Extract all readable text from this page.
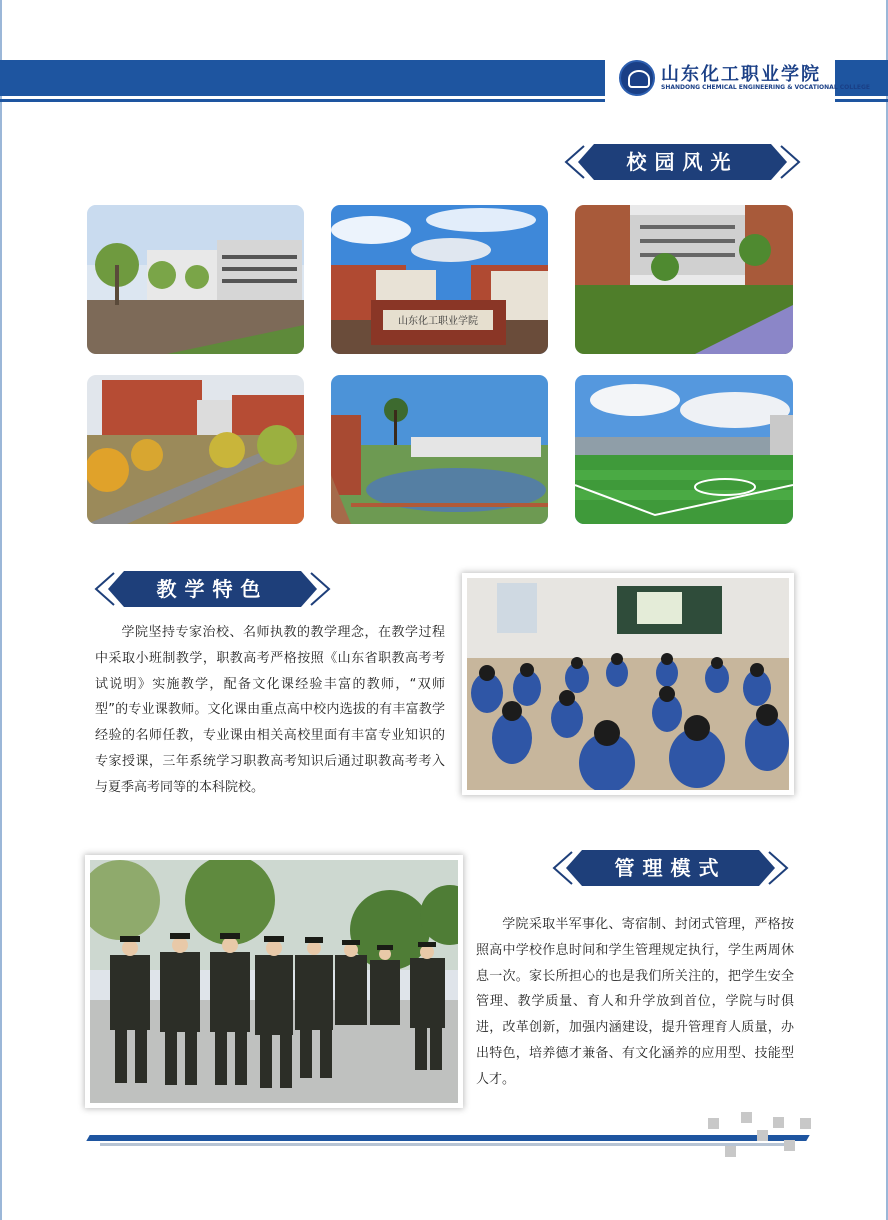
山东化工职业学院
SHANDONG CHEMICAL ENGINEERING & VOCATIONAL COLLEGE
校园风光
山东化工职业学院
教学特色
学院坚持专家治校、名师执教的教学理念，在教学过程中采取小班制教学，职教高考严格按照《山东省职教高考考试说明》实施教学，配备文化课经验丰富的教师，“双师型”的专业课教师。文化课由重点高中校内选拔的有丰富教学经验的名师任教，专业课由相关高校里面有丰富专业知识的专家授课，三年系统学习职教高考知识后通过职教高考考入与夏季高考同等的本科院校。
管理模式
学院采取半军事化、寄宿制、封闭式管理，严格按照高中学校作息时间和学生管理规定执行，学生两周休息一次。家长所担心的也是我们所关注的，把学生安全管理、教学质量、育人和升学放到首位，学院与时俱进，改革创新，加强内涵建设，提升管理育人质量，办出特色，培养德才兼备、有文化涵养的应用型、技能型人才。
